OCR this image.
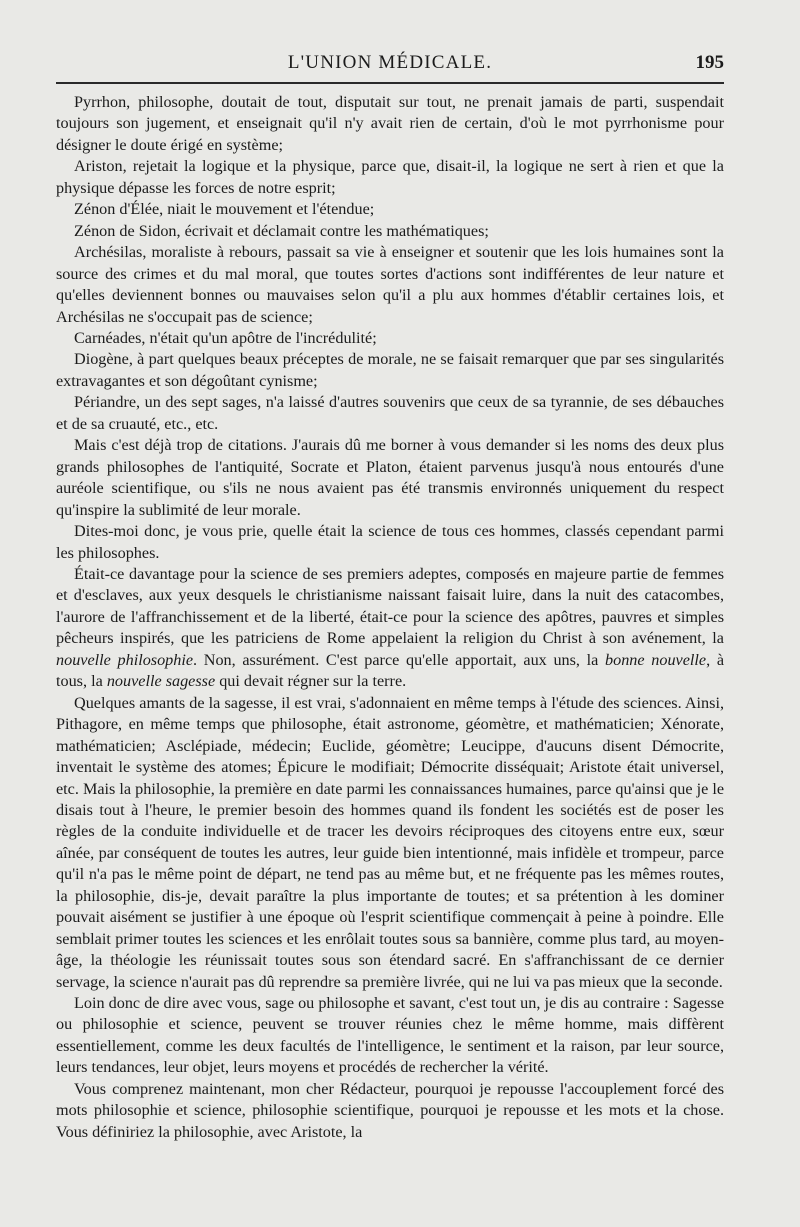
L'UNION MÉDICALE.	195

Pyrrhon, philosophe, doutait de tout, disputait sur tout, ne prenait jamais de parti, suspendait toujours son jugement, et enseignait qu'il n'y avait rien de certain, d'où le mot pyrrhonisme pour désigner le doute érigé en système;

Ariston, rejetait la logique et la physique, parce que, disait-il, la logique ne sert à rien et que la physique dépasse les forces de notre esprit;

Zénon d'Élée, niait le mouvement et l'étendue;

Zénon de Sidon, écrivait et déclamait contre les mathématiques;

Archésilas, moraliste à rebours, passait sa vie à enseigner et soutenir que les lois humaines sont la source des crimes et du mal moral, que toutes sortes d'actions sont indifférentes de leur nature et qu'elles deviennent bonnes ou mauvaises selon qu'il a plu aux hommes d'établir certaines lois, et Archésilas ne s'occupait pas de science;

Carnéades, n'était qu'un apôtre de l'incrédulité;

Diogène, à part quelques beaux préceptes de morale, ne se faisait remarquer que par ses singularités extravagantes et son dégoûtant cynisme;

Périandre, un des sept sages, n'a laissé d'autres souvenirs que ceux de sa tyrannie, de ses débauches et de sa cruauté, etc., etc.

Mais c'est déjà trop de citations. J'aurais dû me borner à vous demander si les noms des deux plus grands philosophes de l'antiquité, Socrate et Platon, étaient parvenus jusqu'à nous entourés d'une auréole scientifique, ou s'ils ne nous avaient pas été transmis environnés uniquement du respect qu'inspire la sublimité de leur morale.

Dites-moi donc, je vous prie, quelle était la science de tous ces hommes, classés cependant parmi les philosophes.

Était-ce davantage pour la science de ses premiers adeptes, composés en majeure partie de femmes et d'esclaves, aux yeux desquels le christianisme naissant faisait luire, dans la nuit des catacombes, l'aurore de l'affranchissement et de la liberté, était-ce pour la science des apôtres, pauvres et simples pêcheurs inspirés, que les patriciens de Rome appelaient la religion du Christ à son avénement, la nouvelle philosophie. Non, assurément. C'est parce qu'elle apportait, aux uns, la bonne nouvelle, à tous, la nouvelle sagesse qui devait régner sur la terre.

Quelques amants de la sagesse, il est vrai, s'adonnaient en même temps à l'étude des sciences. Ainsi, Pithagore, en même temps que philosophe, était astronome, géomètre, et mathématicien; Xénorate, mathématicien; Asclépiade, médecin; Euclide, géomètre; Leucippe, d'aucuns disent Démocrite, inventait le système des atomes; Épicure le modifiait; Démocrite disséquait; Aristote était universel, etc. Mais la philosophie, la première en date parmi les connaissances humaines, parce qu'ainsi que je le disais tout à l'heure, le premier besoin des hommes quand ils fondent les sociétés est de poser les règles de la conduite individuelle et de tracer les devoirs réciproques des citoyens entre eux, sœur aînée, par conséquent de toutes les autres, leur guide bien intentionné, mais infidèle et trompeur, parce qu'il n'a pas le même point de départ, ne tend pas au même but, et ne fréquente pas les mêmes routes, la philosophie, dis-je, devait paraître la plus importante de toutes; et sa prétention à les dominer pouvait aisément se justifier à une époque où l'esprit scientifique commençait à peine à poindre. Elle semblait primer toutes les sciences et les enrôlait toutes sous sa bannière, comme plus tard, au moyen-âge, la théologie les réunissait toutes sous son étendard sacré. En s'affranchissant de ce dernier servage, la science n'aurait pas dû reprendre sa première livrée, qui ne lui va pas mieux que la seconde.

Loin donc de dire avec vous, sage ou philosophe et savant, c'est tout un, je dis au contraire : Sagesse ou philosophie et science, peuvent se trouver réunies chez le même homme, mais diffèrent essentiellement, comme les deux facultés de l'intelligence, le sentiment et la raison, par leur source, leurs tendances, leur objet, leurs moyens et procédés de rechercher la vérité.

Vous comprenez maintenant, mon cher Rédacteur, pourquoi je repousse l'accouplement forcé des mots philosophie et science, philosophie scientifique, pourquoi je repousse et les mots et la chose. Vous définiriez la philosophie, avec Aristote, la
